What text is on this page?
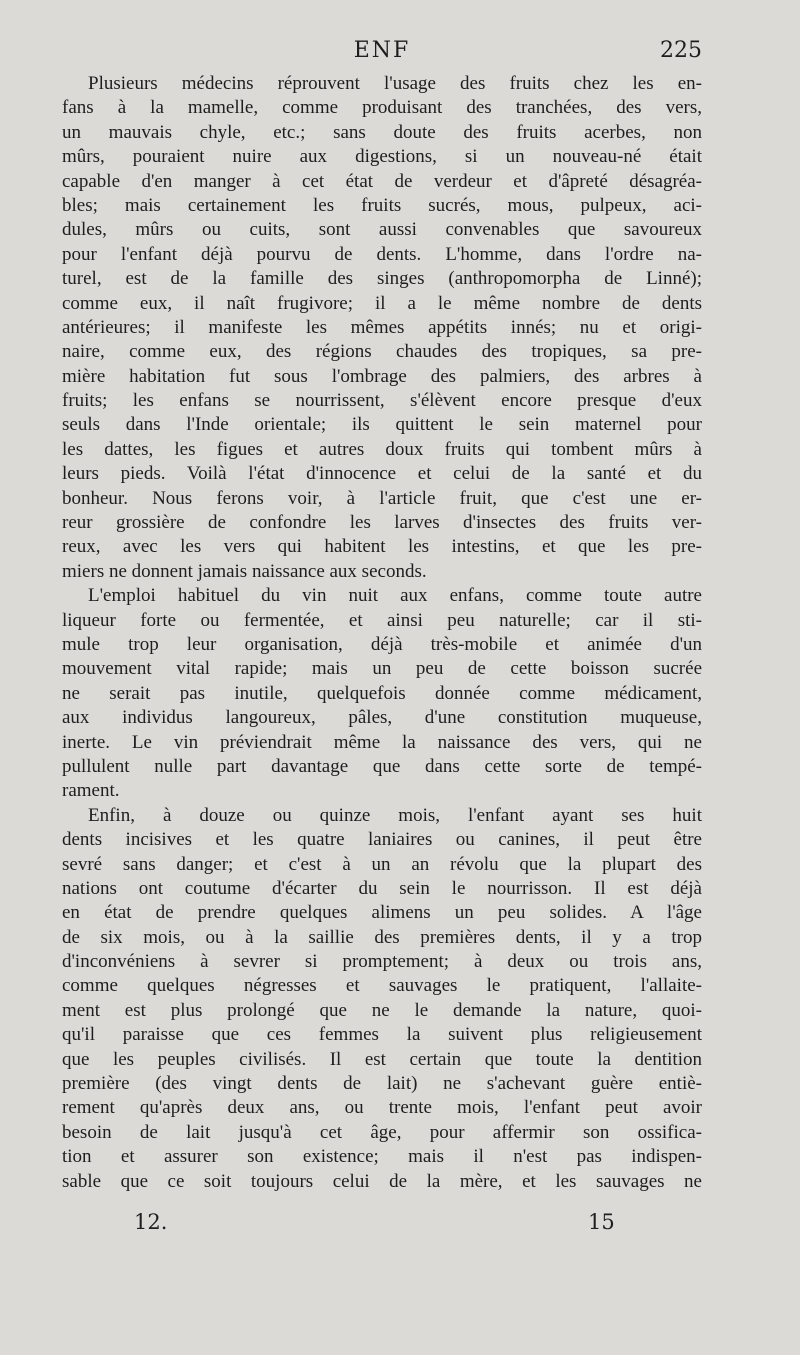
ENF	225
Plusieurs médecins réprouvent l'usage des fruits chez les en-
fans à la mamelle, comme produisant des tranchées, des vers,
un mauvais chyle, etc.; sans doute des fruits acerbes, non
mûrs, pouraient nuire aux digestions, si un nouveau-né était
capable d'en manger à cet état de verdeur et d'âpreté désagréa-
bles; mais certainement les fruits sucrés, mous, pulpeux, aci-
dules, mûrs ou cuits, sont aussi convenables que savoureux
pour l'enfant déjà pourvu de dents. L'homme, dans l'ordre na-
turel, est de la famille des singes (anthropomorpha de Linné);
comme eux, il naît frugivore; il a le même nombre de dents
antérieures; il manifeste les mêmes appétits innés; nu et origi-
naire, comme eux, des régions chaudes des tropiques, sa pre-
mière habitation fut sous l'ombrage des palmiers, des arbres à
fruits; les enfans se nourrissent, s'élèvent encore presque d'eux
seuls dans l'Inde orientale; ils quittent le sein maternel pour
les dattes, les figues et autres doux fruits qui tombent mûrs à
leurs pieds. Voilà l'état d'innocence et celui de la santé et du
bonheur. Nous ferons voir, à l'article fruit, que c'est une er-
reur grossière de confondre les larves d'insectes des fruits ver-
reux, avec les vers qui habitent les intestins, et que les pre-
miers ne donnent jamais naissance aux seconds.
L'emploi habituel du vin nuit aux enfans, comme toute autre
liqueur forte ou fermentée, et ainsi peu naturelle; car il sti-
mule trop leur organisation, déjà très-mobile et animée d'un
mouvement vital rapide; mais un peu de cette boisson sucrée
ne serait pas inutile, quelquefois donnée comme médicament,
aux individus langoureux, pâles, d'une constitution muqueuse,
inerte. Le vin préviendrait même la naissance des vers, qui ne
pullulent nulle part davantage que dans cette sorte de tempé-
rament.
Enfin, à douze ou quinze mois, l'enfant ayant ses huit
dents incisives et les quatre laniaires ou canines, il peut être
sevré sans danger; et c'est à un an révolu que la plupart des
nations ont coutume d'écarter du sein le nourrisson. Il est déjà
en état de prendre quelques alimens un peu solides. A l'âge
de six mois, ou à la saillie des premières dents, il y a trop
d'inconvéniens à sevrer si promptement; à deux ou trois ans,
comme quelques négresses et sauvages le pratiquent, l'allaite-
ment est plus prolongé que ne le demande la nature, quoi-
qu'il paraisse que ces femmes la suivent plus religieusement
que les peuples civilisés. Il est certain que toute la dentition
première (des vingt dents de lait) ne s'achevant guère entiè-
rement qu'après deux ans, ou trente mois, l'enfant peut avoir
besoin de lait jusqu'à cet âge, pour affermir son ossifica-
tion et assurer son existence; mais il n'est pas indispen-
sable que ce soit toujours celui de la mère, et les sauvages ne
12.	15
